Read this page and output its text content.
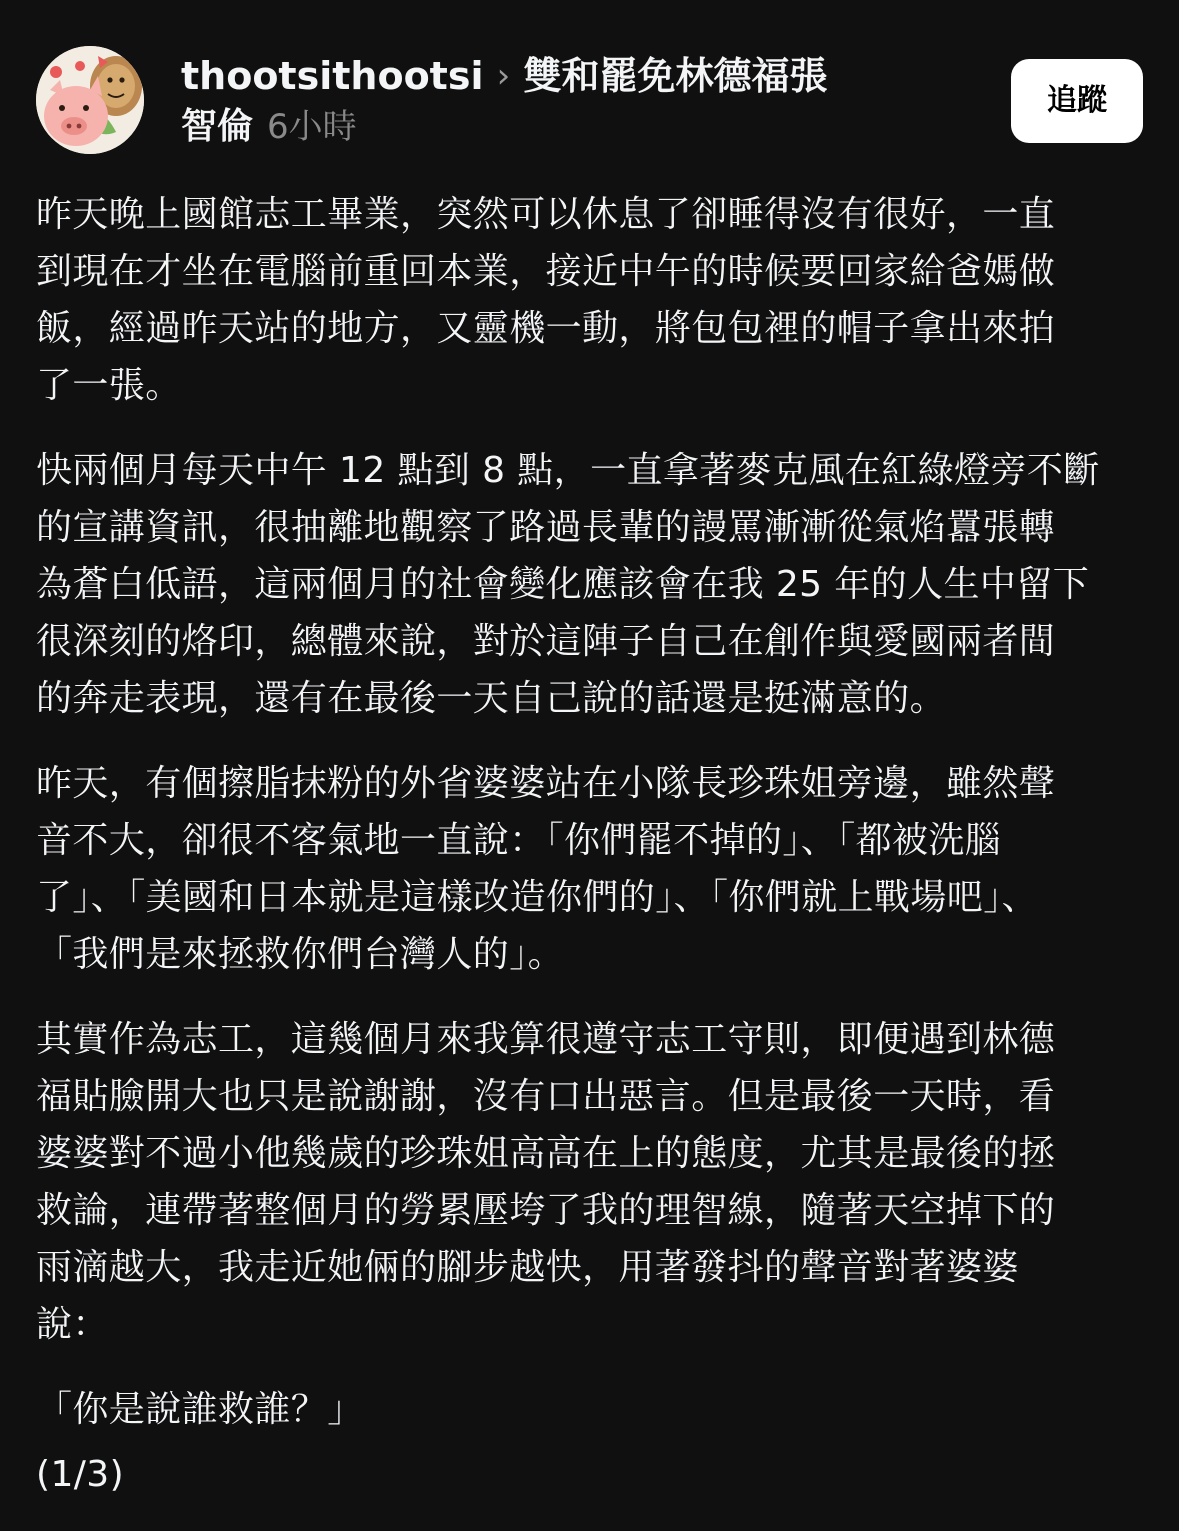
thootsithootsi › 雙和罷免林德福張
智倫 6小時
追蹤
昨天晚上國館志工畢業，突然可以休息了卻睡得沒有很好，一直
到現在才坐在電腦前重回本業，接近中午的時候要回家給爸媽做
飯，經過昨天站的地方，又靈機一動，將包包裡的帽子拿出來拍
了一張。
快兩個月每天中午 12 點到 8 點，一直拿著麥克風在紅綠燈旁不斷
的宣講資訊，很抽離地觀察了路過長輩的謾罵漸漸從氣焰囂張轉
為蒼白低語，這兩個月的社會變化應該會在我 25 年的人生中留下
很深刻的烙印，總體來說，對於這陣子自己在創作與愛國兩者間
的奔走表現，還有在最後一天自己說的話還是挺滿意的。
昨天，有個擦脂抹粉的外省婆婆站在小隊長珍珠姐旁邊，雖然聲
音不大，卻很不客氣地一直說：「你們罷不掉的」、「都被洗腦
了」、「美國和日本就是這樣改造你們的」、「你們就上戰場吧」、
「我們是來拯救你們台灣人的」。
其實作為志工，這幾個月來我算很遵守志工守則，即便遇到林德
福貼臉開大也只是說謝謝，沒有口出惡言。但是最後一天時，看
婆婆對不過小他幾歲的珍珠姐高高在上的態度，尤其是最後的拯
救論，連帶著整個月的勞累壓垮了我的理智線，隨著天空掉下的
雨滴越大，我走近她倆的腳步越快，用著發抖的聲音對著婆婆
說：
「你是說誰救誰？」
(1/3)
